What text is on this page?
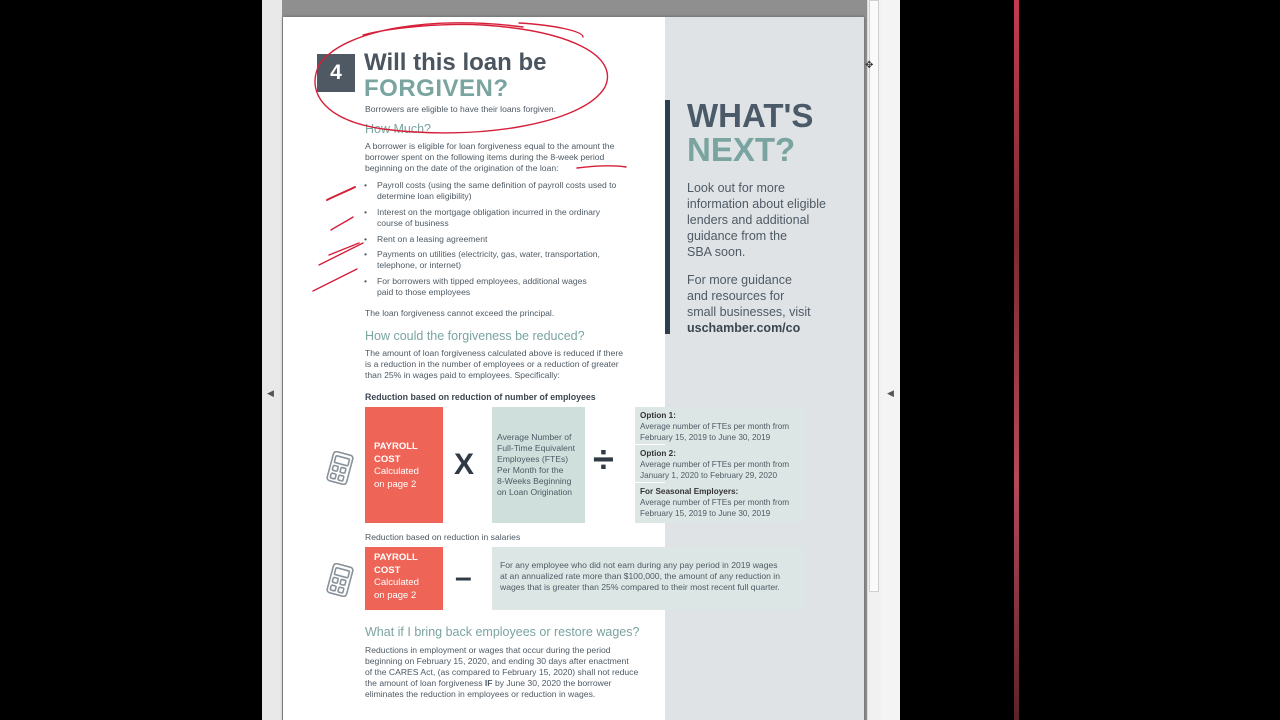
◀
WHAT'S
NEXT?
Look out for more
information about eligible
lenders and additional
guidance from the
SBA soon.
For more guidance
and resources for
small businesses, visit
uschamber.com/co
4 Will this loan be
FORGIVEN?
Borrowers are eligible to have their loans forgiven.
How Much?
A borrower is eligible for loan forgiveness equal to the amount the
borrower spent on the following items during the 8-week period
beginning on the date of the origination of the loan:
• Payroll costs (using the same definition of payroll costs used to
determine loan eligibility)
• Interest on the mortgage obligation incurred in the ordinary
course of business
• Rent on a leasing agreement
• Payments on utilities (electricity, gas, water, transportation,
telephone, or internet)
• For borrowers with tipped employees, additional wages
paid to those employees
The loan forgiveness cannot exceed the principal.
How could the forgiveness be reduced?
The amount of loan forgiveness calculated above is reduced if there
is a reduction in the number of employees or a reduction of greater
than 25% in wages paid to employees. Specifically:
Reduction based on reduction of number of employees
PAYROLL
COST
Calculated
on page 2
X
Average Number of
Full-Time Equivalent
Employees (FTEs)
Per Month for the
8-Weeks Beginning
on Loan Origination
÷
Option 1:
Average number of FTEs per month from
February 15, 2019 to June 30, 2019
Option 2:
Average number of FTEs per month from
January 1, 2020 to February 29, 2020
For Seasonal Employers:
Average number of FTEs per month from
February 15, 2019 to June 30, 2019
Reduction based on reduction in salaries
PAYROLL
COST
Calculated
on page 2
–	For any employee who did not earn during any pay period in 2019 wages
at an annualized rate more than $100,000, the amount of any reduction in
wages that is greater than 25% compared to their most recent full quarter.
What if I bring back employees or restore wages?
Reductions in employment or wages that occur during the period
beginning on February 15, 2020, and ending 30 days after enactment
of the CARES Act, (as compared to February 15, 2020) shall not reduce
the amount of loan forgiveness IF by June 30, 2020 the borrower
eliminates the reduction in employees or reduction in wages.
◀
✥
